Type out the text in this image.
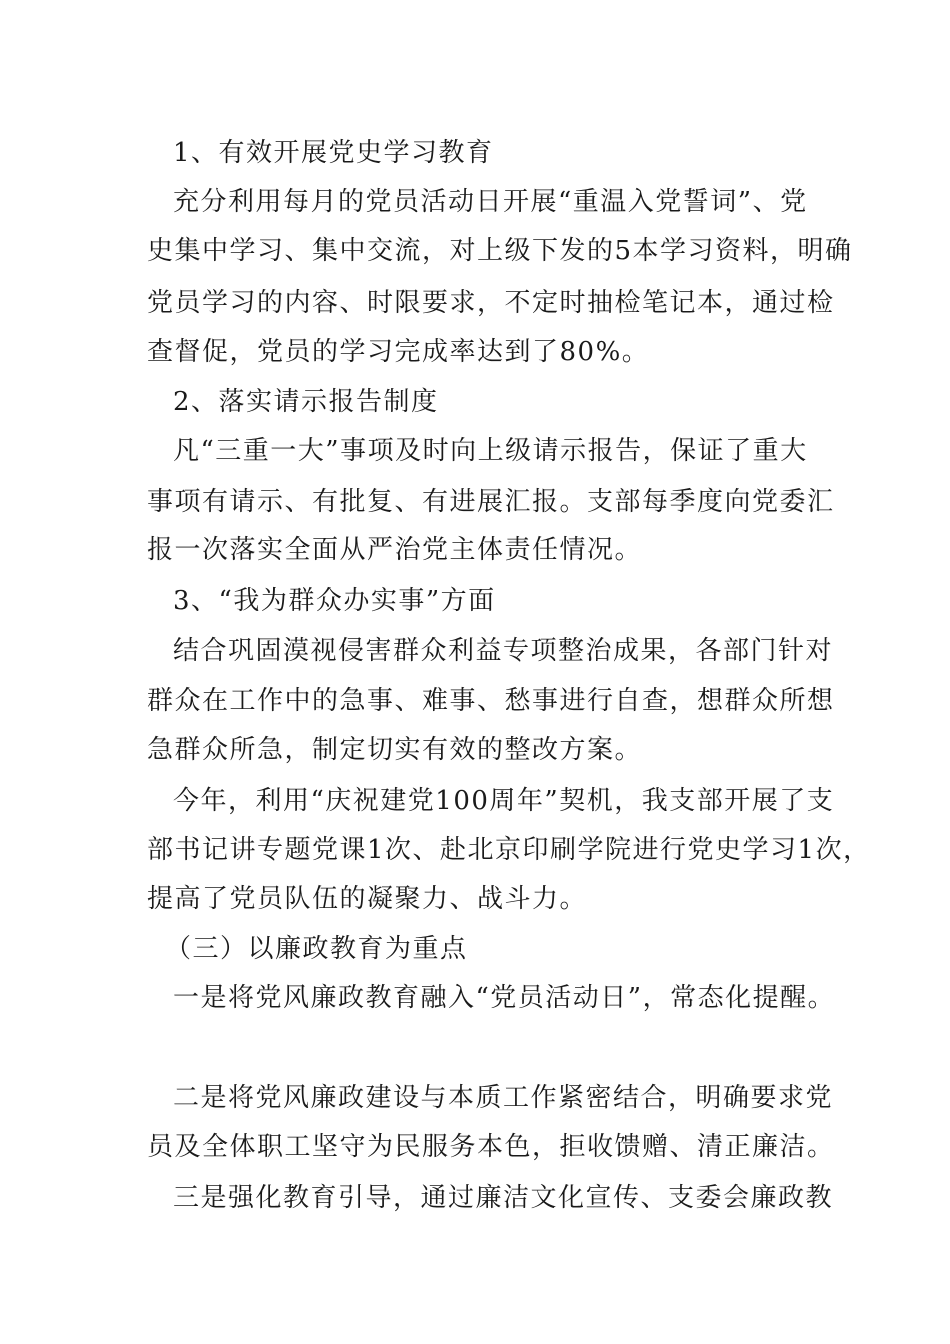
1、有效开展党史学习教育
充分利用每月的党员活动日开展“重温入党誓词”、党
史集中学习、集中交流，对上级下发的5本学习资料，明确
党员学习的内容、时限要求，不定时抽检笔记本，通过检
查督促，党员的学习完成率达到了80%。
2、落实请示报告制度
凡“三重一大”事项及时向上级请示报告，保证了重大
事项有请示、有批复、有进展汇报。支部每季度向党委汇
报一次落实全面从严治党主体责任情况。
3、“我为群众办实事”方面
结合巩固漠视侵害群众利益专项整治成果，各部门针对
群众在工作中的急事、难事、愁事进行自查，想群众所想
急群众所急，制定切实有效的整改方案。
今年，利用“庆祝建党100周年”契机，我支部开展了支
部书记讲专题党课1次、赴北京印刷学院进行党史学习1次，
提高了党员队伍的凝聚力、战斗力。
（三）以廉政教育为重点
一是将党风廉政教育融入“党员活动日”，常态化提醒。
二是将党风廉政建设与本质工作紧密结合，明确要求党
员及全体职工坚守为民服务本色，拒收馈赠、清正廉洁。
三是强化教育引导，通过廉洁文化宣传、支委会廉政教
